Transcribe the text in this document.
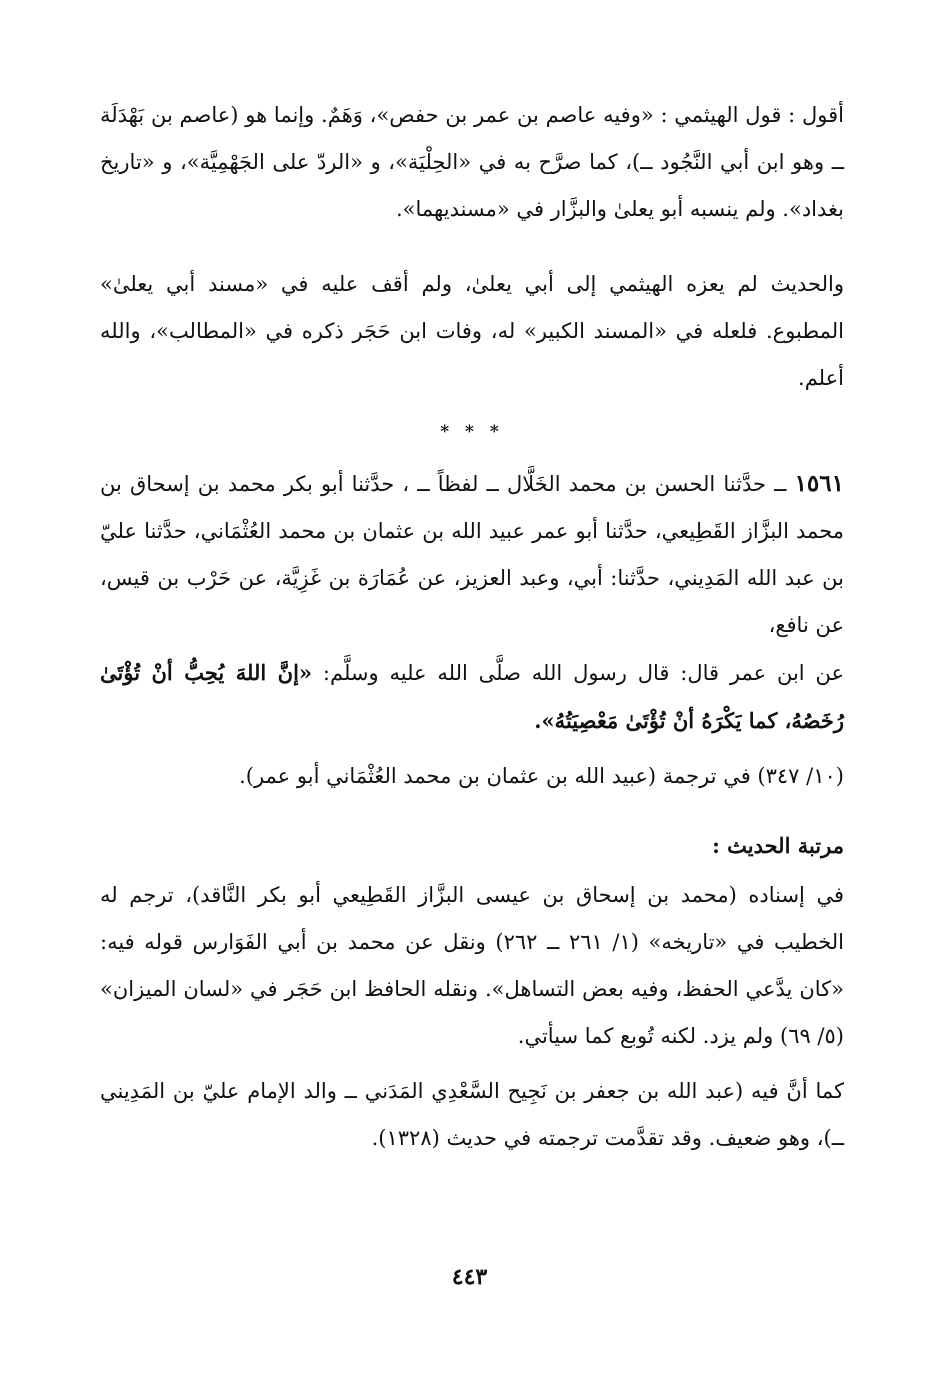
أقول : قول الهيثمي : «وفيه عاصم بن عمر بن حفص»، وَهَمٌ. وإنما هو (عاصم بن بَهْدَلَة ــ وهو ابن أبي النَّجُود ــ)، كما صرَّح به في «الحِلْيَة»، و «الردّ على الجَهْمِيَّة»، و «تاريخ بغداد». ولم ينسبه أبو يعلىٰ والبزَّار في «مسنديهما».

والحديث لم يعزه الهيثمي إلى أبي يعلىٰ، ولم أقف عليه في «مسند أبي يعلىٰ» المطبوع. فلعله في «المسند الكبير» له، وفات ابن حَجَر ذكره في «المطالب»، والله أعلم.

* * *

١٥٦١ ــ حدَّثنا الحسن بن محمد الخَلَّال ــ لفظاً ــ ، حدَّثنا أبو بكر محمد بن إسحاق بن محمد البزَّاز القَطِيعي، حدَّثنا أبو عمر عبيد الله بن عثمان بن محمد العُثْمَاني، حدَّثنا عليّ بن عبد الله المَدِيني، حدَّثنا: أبي، وعبد العزيز، عن عُمَارَة بن غَزِيَّة، عن حَرْب بن قيس، عن نافع،

عن ابن عمر قال: قال رسول الله صلَّى الله عليه وسلَّم: «إنَّ اللهَ يُحِبُّ أنْ تُؤْتَىٰ رُخَصُهُ، كما يَكْرَهُ أنْ تُؤْتَىٰ مَعْصِيَتُهُ».

(١٠/ ٣٤٧) في ترجمة (عبيد الله بن عثمان بن محمد العُثْمَاني أبو عمر).

مرتبة الحديث :

في إسناده (محمد بن إسحاق بن عيسى البزَّاز القَطِيعي أبو بكر النَّاقد)، ترجم له الخطيب في «تاريخه» (١/ ٢٦١ ــ ٢٦٢) ونقل عن محمد بن أبي الفَوَارس قوله فيه: «كان يدَّعي الحفظ، وفيه بعض التساهل». ونقله الحافظ ابن حَجَر في «لسان الميزان» (٥/ ٦٩) ولم يزد. لكنه تُوبع كما سيأتي.

كما أنَّ فيه (عبد الله بن جعفر بن نَجِيح السَّعْدِي المَدَني ــ والد الإمام عليّ بن المَدِيني ــ)، وهو ضعيف. وقد تقدَّمت ترجمته في حديث (١٣٢٨).

٤٤٣
